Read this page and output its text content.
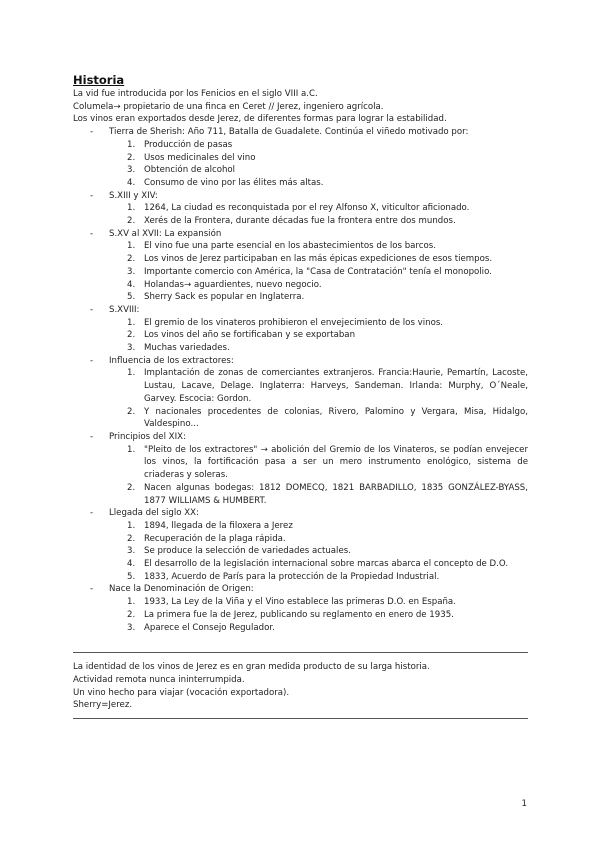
Historia

La vid fue introducida por los Fenicios en el siglo VIII a.C.

Columela→ propietario de una finca en Ceret // Jerez, ingeniero agrícola.

Los vinos eran exportados desde Jerez, de diferentes formas para lograr la estabilidad.

- Tierra de Sherish: Año 711, Batalla de Guadalete. Continúa el viñedo motivado por:
1. Producción de pasas
2. Usos medicinales del vino
3. Obtención de alcohol
4. Consumo de vino por las élites más altas.
- S.XIII y XIV:
1. 1264, La ciudad es reconquistada por el rey Alfonso X, viticultor aficionado.
2. Xerés de la Frontera, durante décadas fue la frontera entre dos mundos.
- S.XV al XVII: La expansión
1. El vino fue una parte esencial en los abastecimientos de los barcos.
2. Los vinos de Jerez participaban en las más épicas expediciones de esos tiempos.
3. Importante comercio con América, la "Casa de Contratación" tenía el monopolio.
4. Holandas→ aguardientes, nuevo negocio.
5. Sherry Sack es popular en Inglaterra.
- S.XVIII:
1. El gremio de los vinateros prohibieron el envejecimiento de los vinos.
2. Los vinos del año se fortificaban y se exportaban
3. Muchas variedades.
- Influencia de los extractores:
1. Implantación de zonas de comerciantes extranjeros. Francia:Haurie, Pemartín, Lacoste, Lustau, Lacave, Delage. Inglaterra: Harveys, Sandeman. Irlanda: Murphy, O´Neale, Garvey. Escocia: Gordon.
2. Y nacionales procedentes de colonias, Rivero, Palomino y Vergara, Misa, Hidalgo, Valdespino...
- Principios del XIX:
1. "Pleito de los extractores" → abolición del Gremio de los Vinateros, se podían envejecer los vinos, la fortificación pasa a ser un mero instrumento enológico, sistema de criaderas y soleras.
2. Nacen algunas bodegas: 1812 DOMECQ, 1821 BARBADILLO, 1835 GONZÁLEZ-BYASS, 1877 WILLIAMS & HUMBERT.
- Llegada del siglo XX:
1. 1894, llegada de la filoxera a Jerez
2. Recuperación de la plaga rápida.
3. Se produce la selección de variedades actuales.
4. El desarrollo de la legislación internacional sobre marcas abarca el concepto de D.O.
5. 1833, Acuerdo de París para la protección de la Propiedad Industrial.
- Nace la Denominación de Origen:
1. 1933, La Ley de la Viña y el Vino establece las primeras D.O. en España.
2. La primera fue la de Jerez, publicando su reglamento en enero de 1935.
3. Aparece el Consejo Regulador.

La identidad de los vinos de Jerez es en gran medida producto de su larga historia.

Actividad remota nunca ininterrumpida.

Un vino hecho para viajar (vocación exportadora).

Sherry=Jerez.

1
